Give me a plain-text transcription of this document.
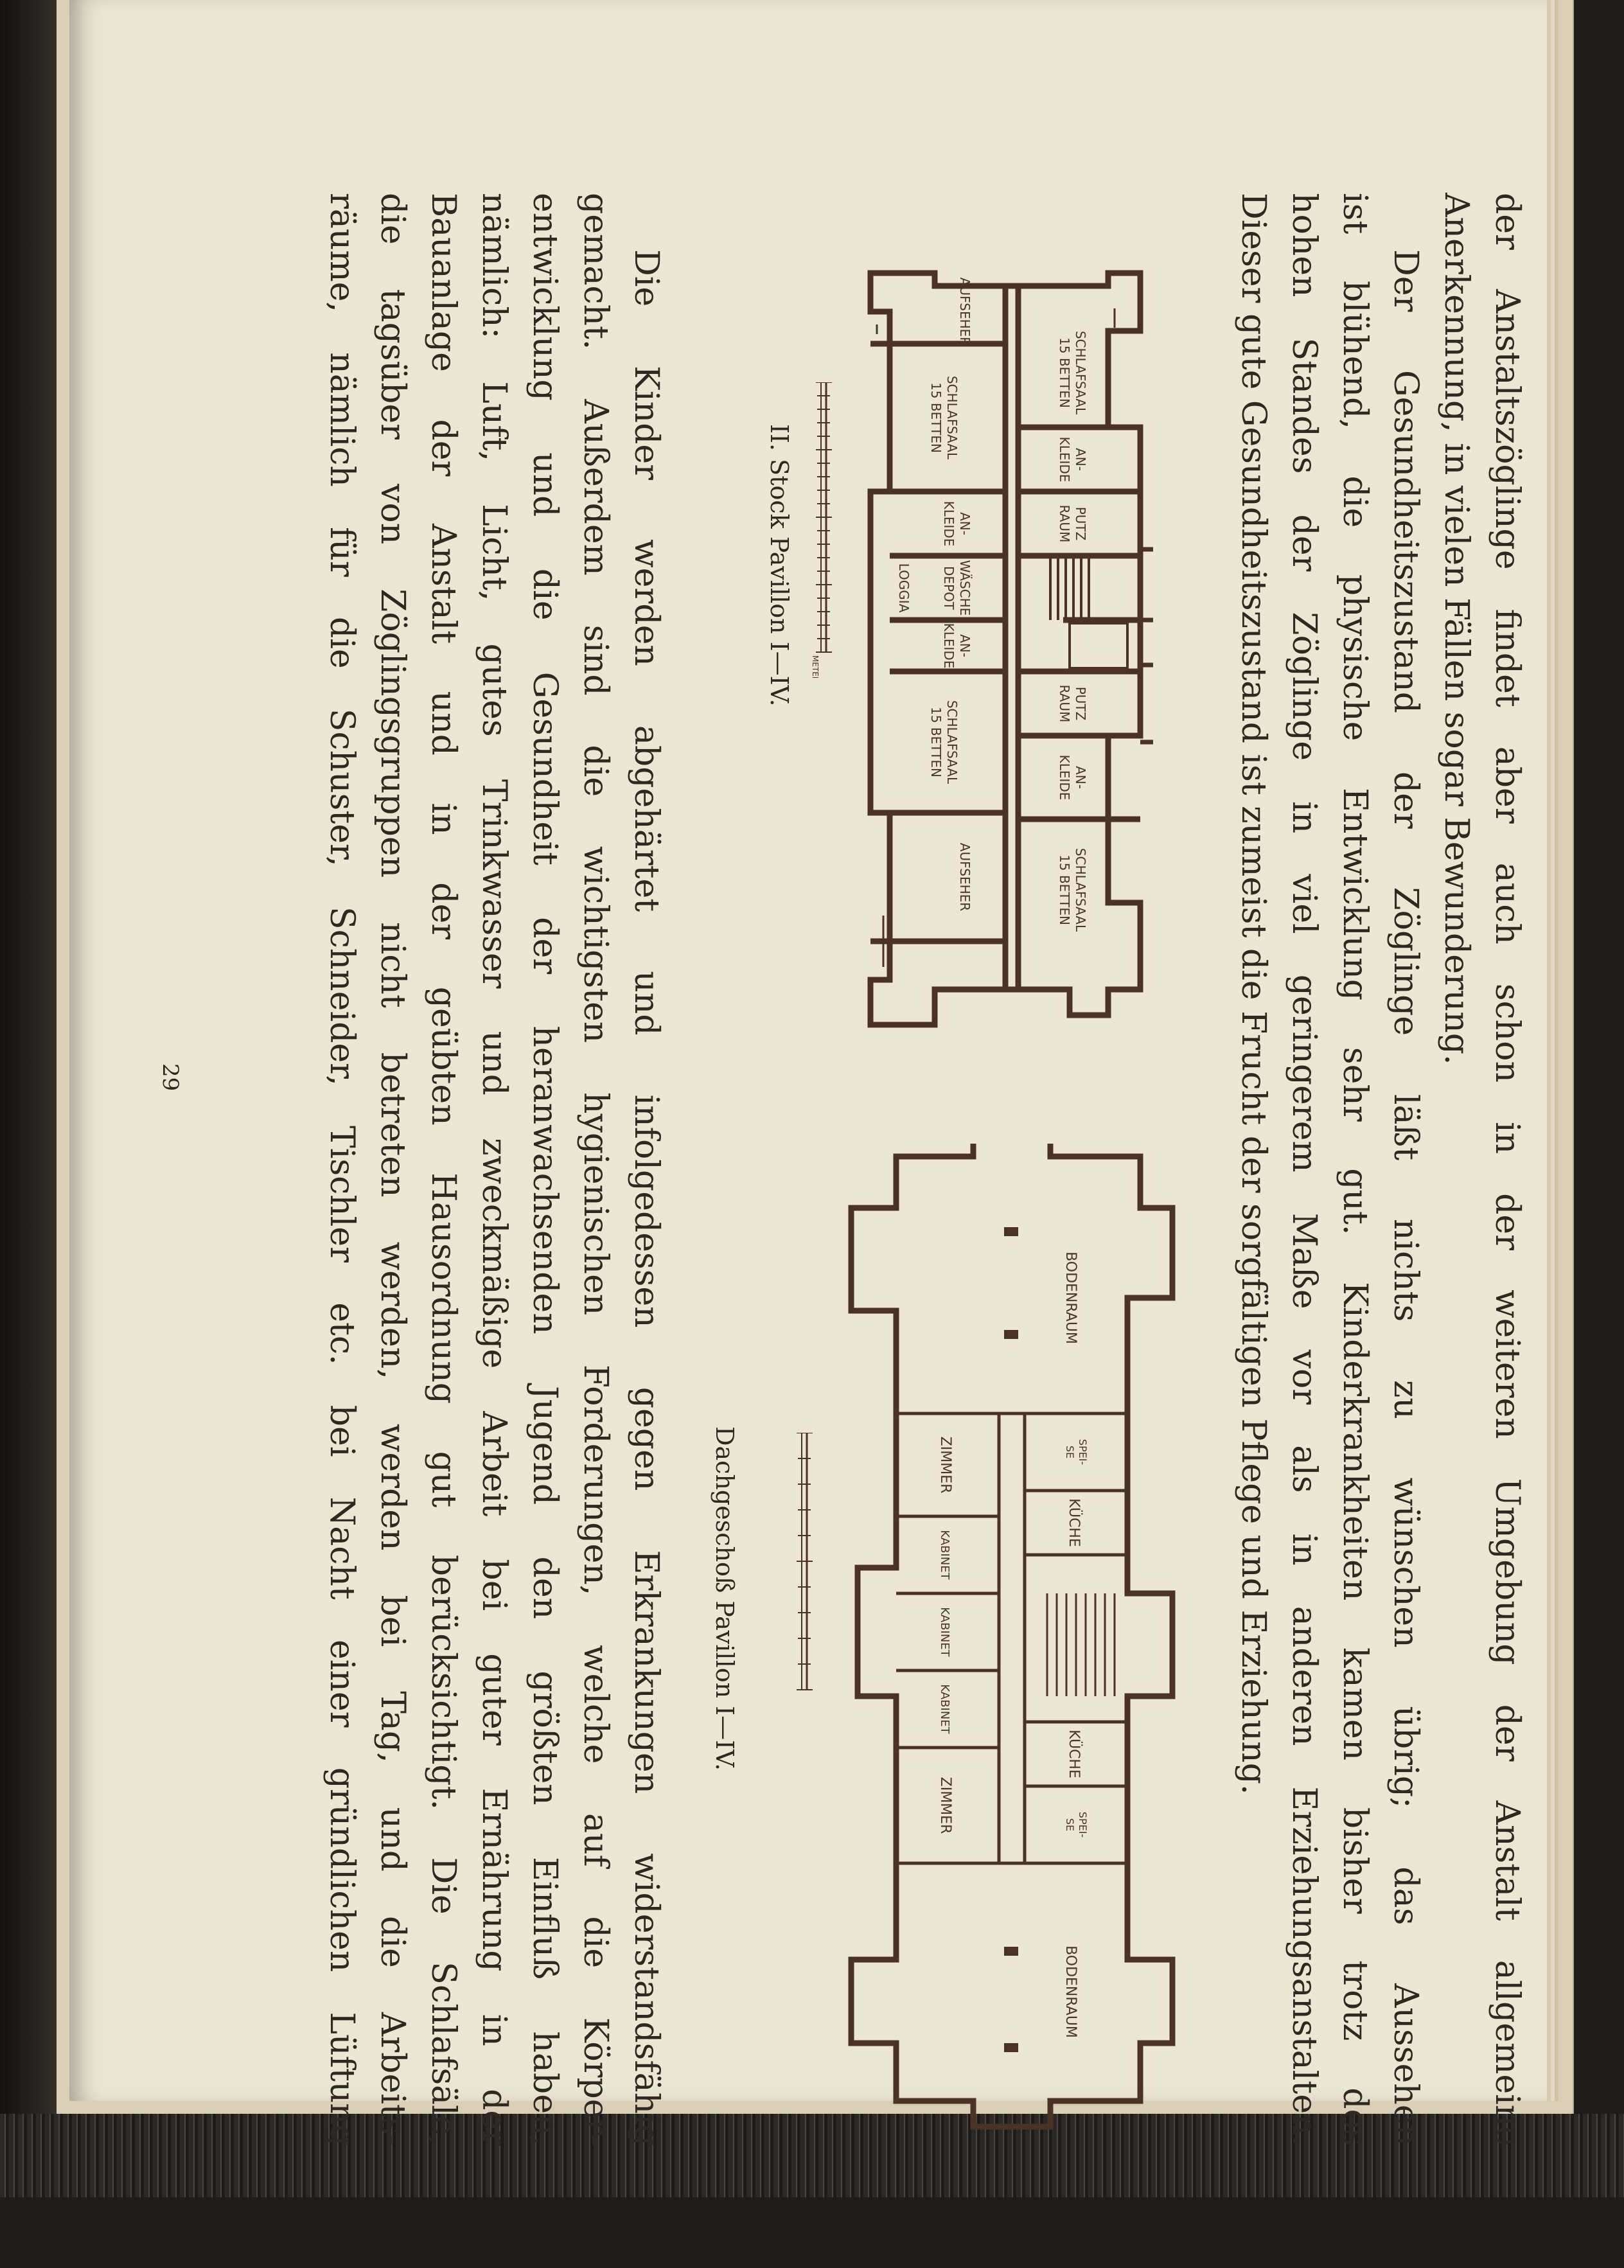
der Anstaltszöglinge findet aber auch schon in der weiteren Umgebung der Anstalt allgemeine
Anerkennung, in vielen Fällen sogar Bewunderung.
Der Gesundheitszustand der Zöglinge läßt nichts zu wünschen übrig; das Aussehen
ist blühend, die physische Entwicklung sehr gut. Kinderkrankheiten kamen bisher trotz des
hohen Standes der Zöglinge in viel geringerem Maße vor als in anderen Erziehungsanstalten.
Dieser gute Gesundheitszustand ist zumeist die Frucht der sorgfältigen Pflege und Erziehung.
SCHLAFSAAL
15 BETTEN
AN-
KLEIDE
PUTZ
RAUM
PUTZ
RAUM
AN-
KLEIDE
SCHLAFSAAL
15 BETTEN
AUFSEHER
SCHLAFSAAL
15 BETTEN
AN-
KLEIDE
WÄSCHE
DEPOT
AN-
KLEIDE
SCHLAFSAAL
15 BETTEN
AUFSEHER
LOGGIA
METER
II. Stock Pavillon I—IV.
BODENRAUM
BODENRAUM
KÜCHE
KÜCHE
SPEI-
SE
SPEI-
SE
ZIMMER
ZIMMER
KABINET
KABINET
KABINET
Dachgeschoß Pavillon I—IV.
Die Kinder werden abgehärtet und infolgedessen gegen Erkrankungen widerstandsfähig
gemacht. Außerdem sind die wichtigsten hygienischen Forderungen, welche auf die Körper-
entwicklung und die Gesundheit der heranwachsenden Jugend den größten Einfluß haben,
nämlich: Luft, Licht, gutes Trinkwasser und zweckmäßige Arbeit bei guter Ernährung in der
Bauanlage der Anstalt und in der geübten Hausordnung gut berücksichtigt. Die Schlafsäle,
die tagsüber von Zöglingsgruppen nicht betreten werden, werden bei Tag, und die Arbeits-
räume, nämlich für die Schuster, Schneider, Tischler etc. bei Nacht einer gründlichen Lüftung
29
